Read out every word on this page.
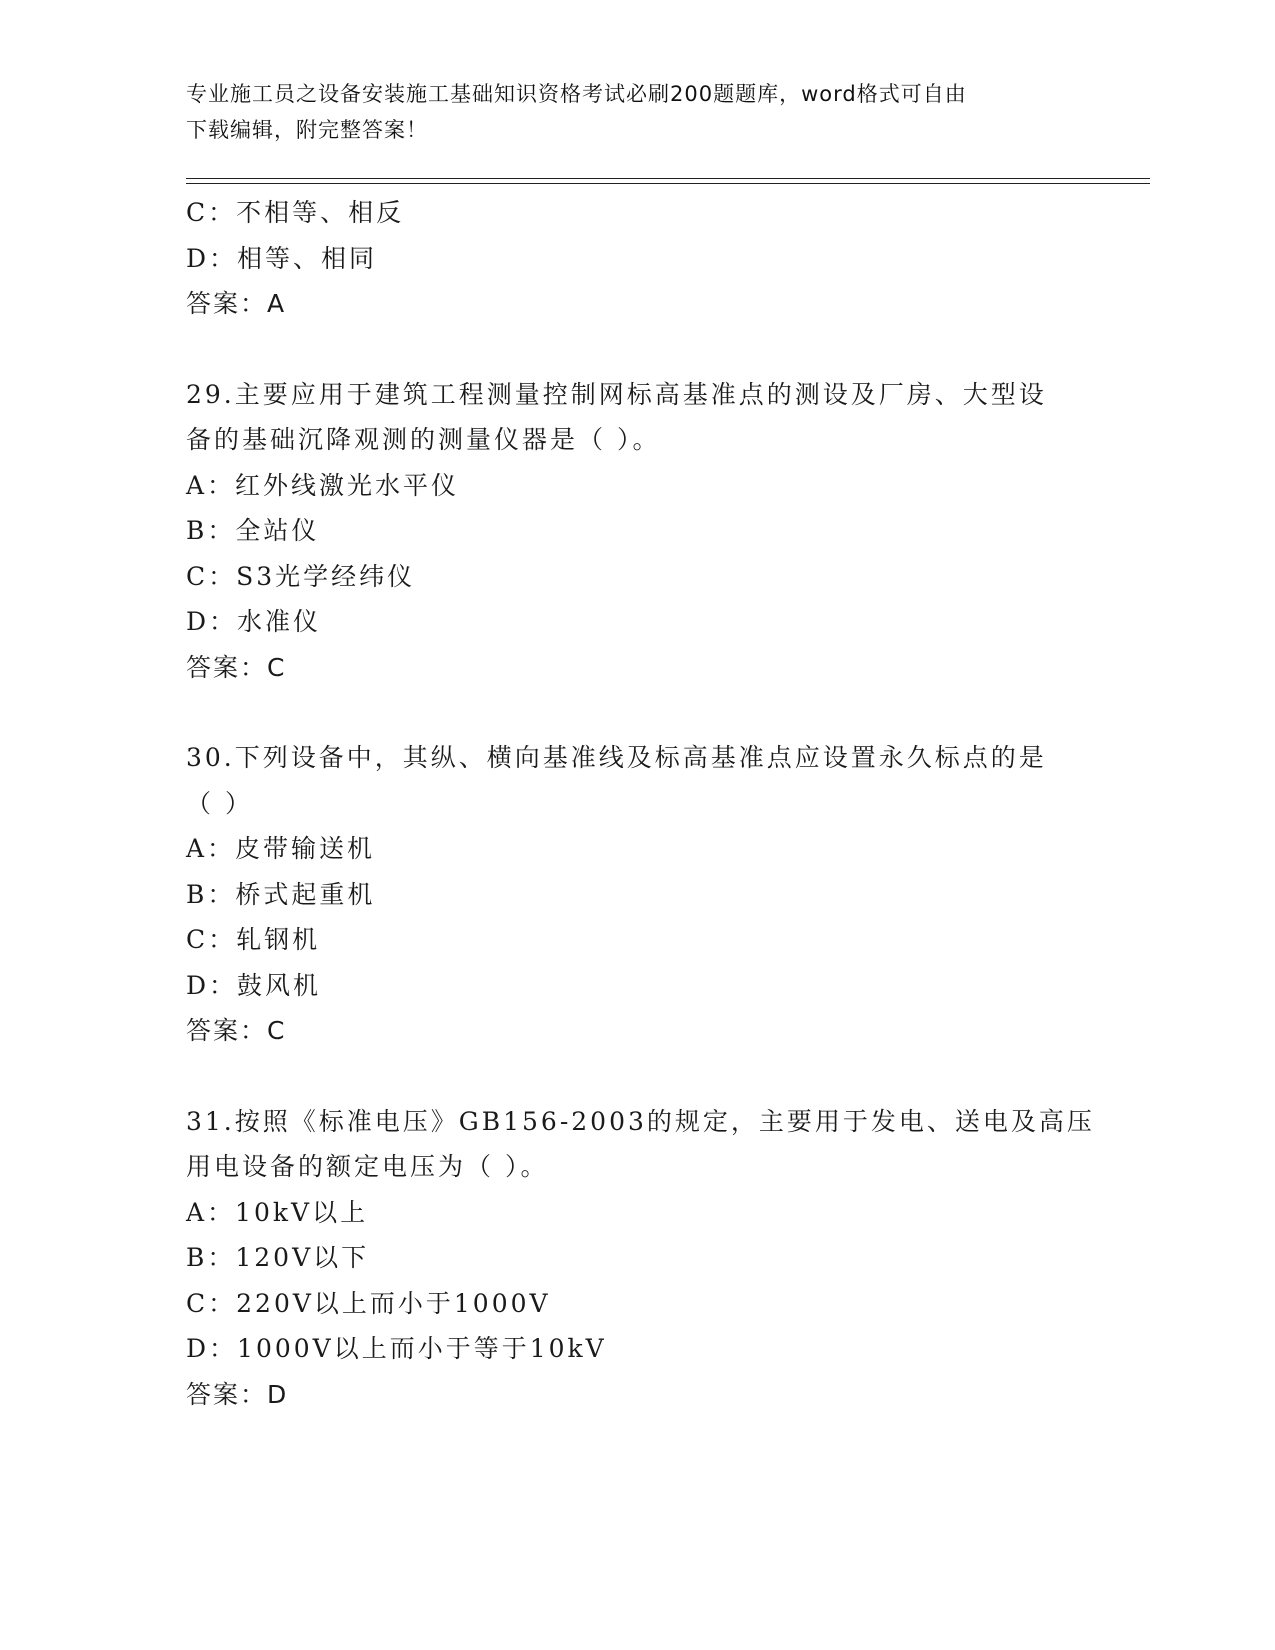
专业施工员之设备安装施工基础知识资格考试必刷200题题库，word格式可自由
下载编辑，附完整答案！
C：不相等、相反
D：相等、相同
答案：A
29.主要应用于建筑工程测量控制网标高基准点的测设及厂房、大型设
备的基础沉降观测的测量仪器是（ ）。
A：红外线激光水平仪
B：全站仪
C：S3光学经纬仪
D：水准仪
答案：C
30.下列设备中，其纵、横向基准线及标高基准点应设置永久标点的是
（ ）
A：皮带输送机
B：桥式起重机
C：轧钢机
D：鼓风机
答案：C
31.按照《标准电压》GB156-2003的规定，主要用于发电、送电及高压
用电设备的额定电压为（ ）。
A：10kV以上
B：120V以下
C：220V以上而小于1000V
D：1000V以上而小于等于10kV
答案：D
